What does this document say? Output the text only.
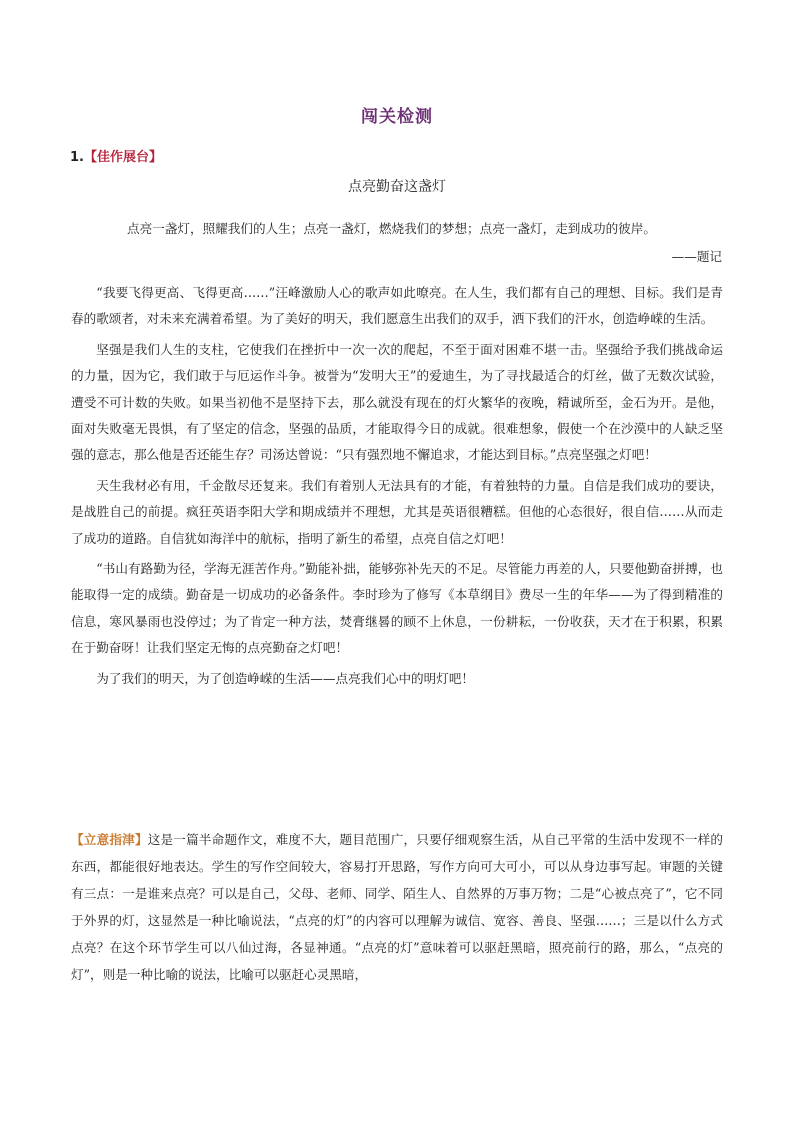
闯关检测
1.【佳作展台】
点亮勤奋这盏灯
点亮一盏灯，照耀我们的人生；点亮一盏灯，燃烧我们的梦想；点亮一盏灯，走到成功的彼岸。
——题记

“我要飞得更高、飞得更高……”汪峰激励人心的歌声如此嘹亮。在人生，我们都有自己的理想、目标。我们是青春的歌颂者，对未来充满着希望。为了美好的明天，我们愿意生出我们的双手，洒下我们的汗水，创造峥嵘的生活。

坚强是我们人生的支柱，它使我们在挫折中一次一次的爬起，不至于面对困难不堪一击。坚强给予我们挑战命运的力量，因为它，我们敢于与厄运作斗争。被誉为“发明大王”的爱迪生，为了寻找最适合的灯丝，做了无数次试验，遭受不可计数的失败。如果当初他不是坚持下去，那么就没有现在的灯火繁华的夜晚，精诚所至，金石为开。是他，面对失败毫无畏惧，有了坚定的信念，坚强的品质，才能取得今日的成就。很难想象，假使一个在沙漠中的人缺乏坚强的意志，那么他是否还能生存？司汤达曾说：“只有强烈地不懈追求，才能达到目标。”点亮坚强之灯吧！

天生我材必有用，千金散尽还复来。我们有着别人无法具有的才能，有着独特的力量。自信是我们成功的要诀，是战胜自己的前提。疯狂英语李阳大学和期成绩并不理想，尤其是英语很糟糕。但他的心态很好，很自信……从而走了成功的道路。自信犹如海洋中的航标，指明了新生的希望，点亮自信之灯吧！

“书山有路勤为径，学海无涯苦作舟。”勤能补拙，能够弥补先天的不足。尽管能力再差的人，只要他勤奋拼搏，也能取得一定的成绩。勤奋是一切成功的必备条件。李时珍为了修写《本草纲目》费尽一生的年华——为了得到精准的信息，寒风暴雨也没停过；为了肯定一种方法，焚膏继晷的顾不上休息，一份耕耘，一份收获，天才在于积累，积累在于勤奋呀！让我们坚定无悔的点亮勤奋之灯吧！

为了我们的明天，为了创造峥嵘的生活——点亮我们心中的明灯吧！

【立意指津】这是一篇半命题作文，难度不大，题目范围广，只要仔细观察生活，从自己平常的生活中发现不一样的东西，都能很好地表达。学生的写作空间较大，容易打开思路，写作方向可大可小，可以从身边事写起。审题的关键有三点：一是谁来点亮？可以是自己，父母、老师、同学、陌生人、自然界的万事万物；二是“心被点亮了”，它不同于外界的灯，这显然是一种比喻说法，“点亮的灯”的内容可以理解为诚信、宽容、善良、坚强……；三是以什么方式点亮？在这个环节学生可以八仙过海，各显神通。“点亮的灯”意味着可以驱赶黑暗，照亮前行的路，那么，“点亮的灯”，则是一种比喻的说法，比喻可以驱赶心灵黑暗，
